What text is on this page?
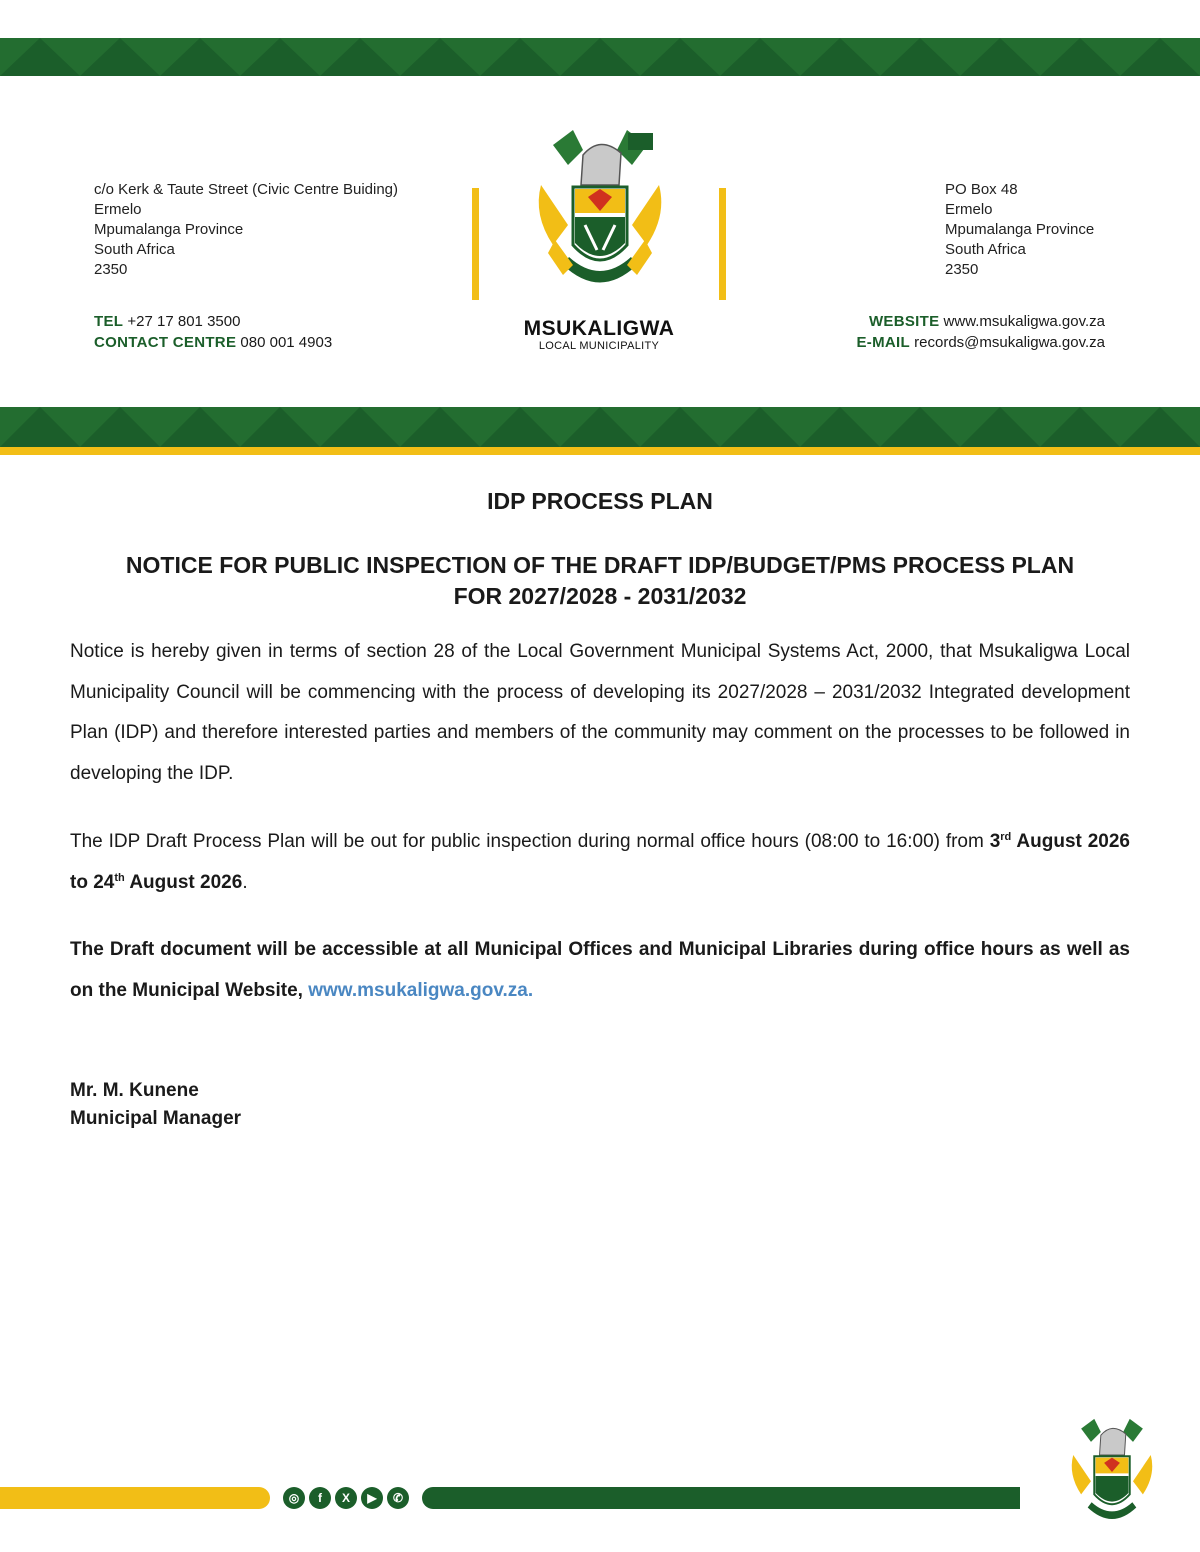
c/o Kerk & Taute Street (Civic Centre Buiding)
Ermelo
Mpumalanga Province
South Africa
2350
TEL +27 17 801 3500
CONTACT CENTRE 080 001 4903
MSUKALIGWA
LOCAL MUNICIPALITY
PO Box 48
Ermelo
Mpumalanga Province
South Africa
2350
WEBSITE www.msukaligwa.gov.za
E-MAIL records@msukaligwa.gov.za
IDP PROCESS PLAN
NOTICE FOR PUBLIC INSPECTION OF THE DRAFT IDP/BUDGET/PMS PROCESS PLAN FOR 2027/2028 - 2031/2032
Notice is hereby given in terms of section 28 of the Local Government Municipal Systems Act, 2000, that Msukaligwa Local Municipality Council will be commencing with the process of developing its 2027/2028 – 2031/2032 Integrated development Plan (IDP) and therefore interested parties and members of the community may comment on the processes to be followed in developing the IDP.
The IDP Draft Process Plan will be out for public inspection during normal office hours (08:00 to 16:00) from 3rd August 2026 to 24th August 2026.
The Draft document will be accessible at all Municipal Offices and Municipal Libraries during office hours as well as on the Municipal Website, www.msukaligwa.gov.za.
Mr. M. Kunene
Municipal Manager
◎	f	X	▶	✆
